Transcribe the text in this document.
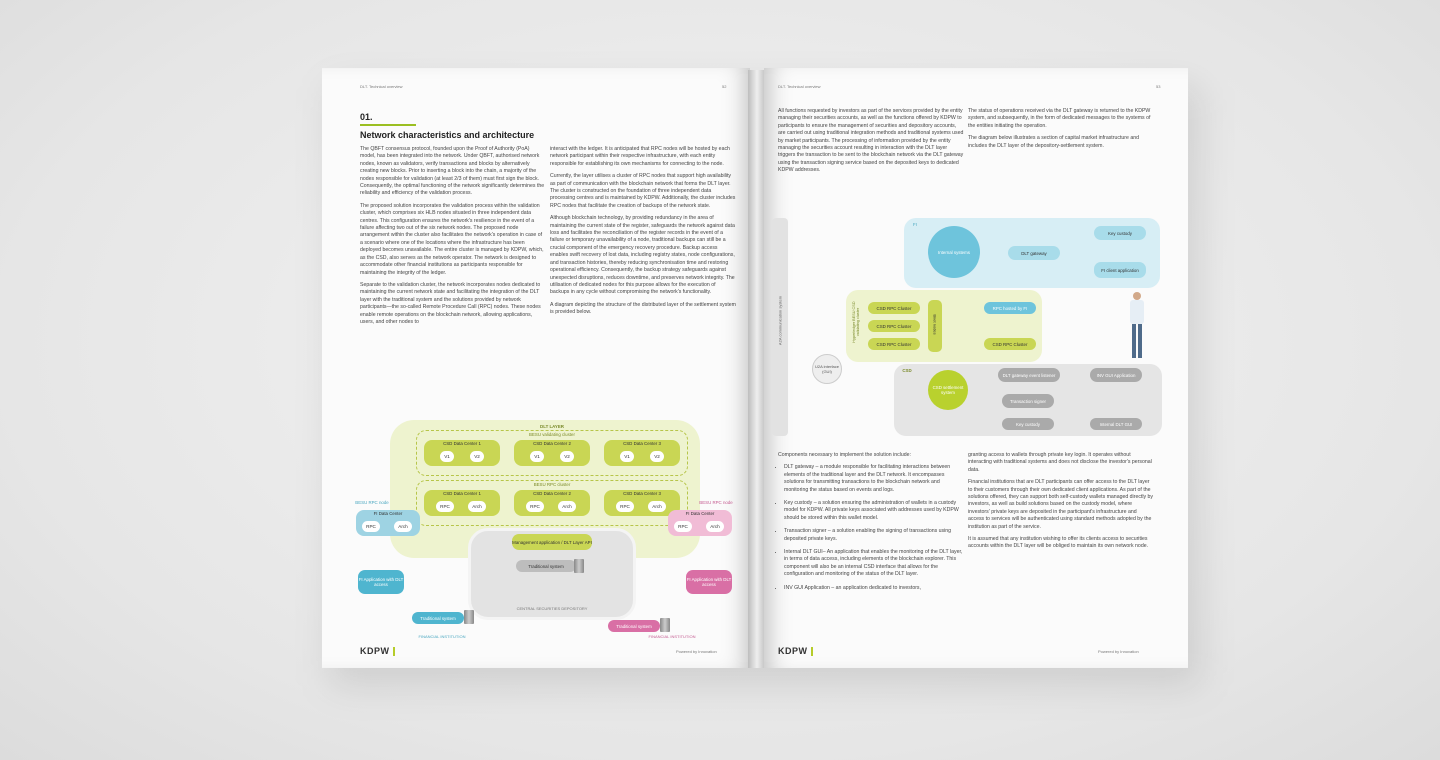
DLT. Technical overview	52
01.
Network characteristics and architecture

The QBFT consensus protocol, founded upon the Proof of Authority (PoA) model, has been integrated into the network. Under QBFT, authorised network nodes, known as validators, verify transactions and blocks by alternatively creating new blocks. Prior to inserting a block into the chain, a majority of the nodes responsible for validation (at least 2/3 of them) must first sign the block. Consequently, the optimal functioning of the network significantly determines the reliability and efficiency of the validation process.

The proposed solution incorporates the validation process within the validation cluster, which comprises six HLB nodes situated in three independent data centres. This configuration ensures the network's resilience in the event of a failure affecting two out of the six network nodes. The proposed node arrangement within the cluster also facilitates the network's operation in case of a scenario where one of the locations where the infrastructure has been deployed becomes unavailable. The entire cluster is managed by KDPW, which, as the CSD, also serves as the network operator. The network is designed to accommodate other financial institutions as participants responsible for maintaining the integrity of the ledger.

Separate to the validation cluster, the network incorporates nodes dedicated to maintaining the current network state and facilitating the integration of the DLT layer with the traditional system and the solutions provided by network participants—the so-called Remote Procedure Call (RPC) nodes. These nodes enable remote operations on the blockchain network, allowing applications, users, and other nodes to

interact with the ledger. It is anticipated that RPC nodes will be hosted by each network participant within their respective infrastructure, with each entity responsible for establishing its own mechanisms for connecting to the node.

Currently, the layer utilises a cluster of RPC nodes that support high availability as part of communication with the blockchain network that forms the DLT layer. The cluster is constructed on the foundation of three independent data processing centres and is maintained by KDPW. Additionally, the cluster includes RPC nodes that facilitate the creation of backups of the network state.

Although blockchain technology, by providing redundancy in the area of maintaining the current state of the register, safeguards the network against data loss and facilitates the reconciliation of the register records in the event of a failure or temporary unavailability of a node, traditional backups can still be a crucial component of the emergency recovery procedure. Backup access enables swift recovery of lost data, including registry states, node configurations, and transaction histories, thereby reducing synchronisation time and restoring operational efficiency. Consequently, the backup strategy safeguards against unexpected disruptions, reduces downtime, and preserves network integrity. The utilisation of dedicated nodes for this purpose allows for the execution of backups in any cycle without compromising the network's functionality.

A diagram depicting the structure of the distributed layer of the settlement system is provided below.

DLT LAYER
BESU validating cluster
CSD Data Center 1
V1	V2
CSD Data Center 2
V1	V2
CSD Data Center 3
V1	V2
BESU RPC cluster
CSD Data Center 1
RPC	Arch
CSD Data Center 2
RPC	Arch
CSD Data Center 3
RPC	Arch
BESU RPC node
FI Data Center
RPC	Arch
BESU RPC node
FI Data Center
RPC	Arch
Management application / DLT Layer API
Traditional system
CENTRAL SECURITIES DEPOSITORY
FI Application with DLT access
Traditional system
FINANCIAL INSTITUTION
FI Application with DLT access
Traditional system
FINANCIAL INSTITUTION
KDPW	Powered by Innovation
DLT. Technical overview	53

All functions requested by investors as part of the services provided by the entity managing their securities accounts, as well as the functions offered by KDPW to participants to ensure the management of securities and depository accounts, are carried out using traditional integration methods and traditional systems used by market participants. The processing of information provided by the entity managing the securities account resulting in interaction with the DLT layer triggers the transaction to be sent to the blockchain network via the DLT gateway using the transaction signing service based on the deposited keys to dedicated KDPW addresses.

The status of operations received via the DLT gateway is returned to the KDPW system, and subsequently, in the form of dedicated messages to the systems of the entities initiating the operation.

The diagram below illustrates a section of capital market infrastructure and includes the DLT layer of the depository-settlement system.

A2A communication system
FI
Internal systems	DLT gateway
Key custody
FI client application
Hyperledger BESU CSD validating cluster	CSD RPC Cluster
CSD RPC Cluster
CSD RPC Cluster
Bnet nodes
RPC hosted by FI
CSD RPC Cluster
U2A interface (GUI)	CSD
CSD settlement system
DLT gateway event listener
Transaction signer
Key custody
INV GUI Application
Internal DLT GUI

Components necessary to implement the solution include:

• DLT gateway – a module responsible for facilitating interactions between elements of the traditional layer and the DLT network. It encompasses solutions for transmitting transactions to the blockchain network and monitoring the status based on events and logs.
• Key custody – a solution ensuring the administration of wallets in a custody model for KDPW. All private keys associated with addresses used by KDPW should be stored within this wallet model.
• Transaction signer – a solution enabling the signing of transactions using deposited private keys.
• Internal DLT GUI– An application that enables the monitoring of the DLT layer, in terms of data access, including elements of the blockchain explorer. This component will also be an internal CSD interface that allows for the configuration and monitoring of the status of the DLT layer.
• INV GUI Application – an application dedicated to investors,

granting access to wallets through private key login. It operates without interacting with traditional systems and does not disclose the investor's personal data.

Financial institutions that are DLT participants can offer access to the DLT layer to their customers through their own dedicated client applications. As part of the solutions offered, they can support both self-custody wallets managed directly by investors, as well as build solutions based on the custody model, where investors' private keys are deposited in the participant's infrastructure and access to services will be authenticated using standard methods adopted by the institution as part of the service.

It is assumed that any institution wishing to offer its clients access to securities accounts within the DLT layer will be obliged to maintain its own network node.

KDPW	Powered by Innovation
